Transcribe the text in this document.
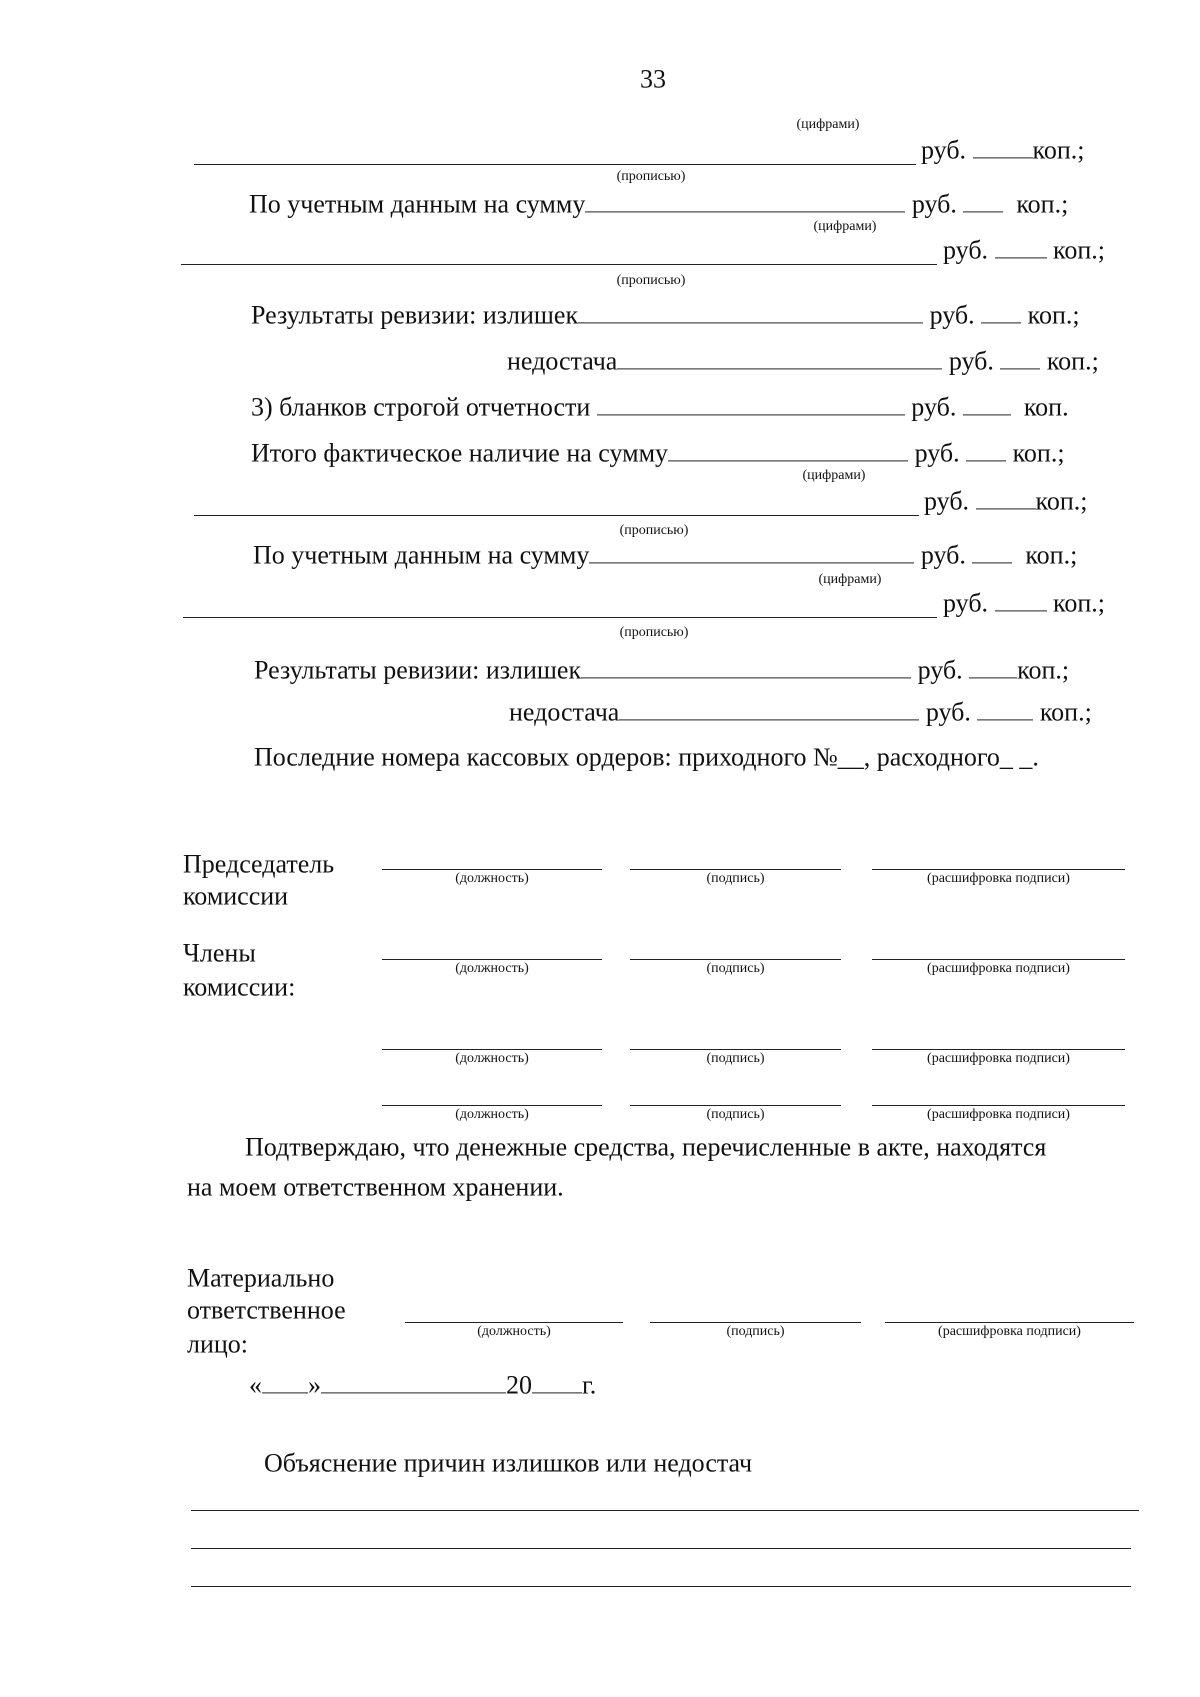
33
(цифрами)
руб.	коп.;
(прописью)
По учетным данным на сумму	руб. коп.;
(цифрами)
руб.	коп.;
(прописью)
Результаты ревизии: излишек	руб. коп.;
недостача	руб. коп.;
3) бланков строгой отчетности	руб.	коп.
Итого фактическое наличие на сумму	руб. коп.;
(цифрами)
руб.	коп.;
(прописью)
По учетным данным на сумму	руб. коп.;
(цифрами)
руб.	коп.;
(прописью)
Результаты ревизии: излишек	руб. коп.;
недостача	руб.	коп.;
Последние номера кассовых ордеров: приходного №__, расходного_ _.
Председатель
комиссии
Члены
комиссии:
(должность)	(подпись)	(расшифровка подписи)
(должность)	(подпись)	(расшифровка подписи)
(должность)	(подпись)	(расшифровка подписи)
(должность)	(подпись)	(расшифровка подписи)
(должность)	(подпись)	(расшифровка подписи)
Подтверждаю, что денежные средства, перечисленные в акте, находятся
на моем ответственном хранении.
Материально
ответственное
лицо:
« »	20 г.
Объяснение причин излишков или недостач
